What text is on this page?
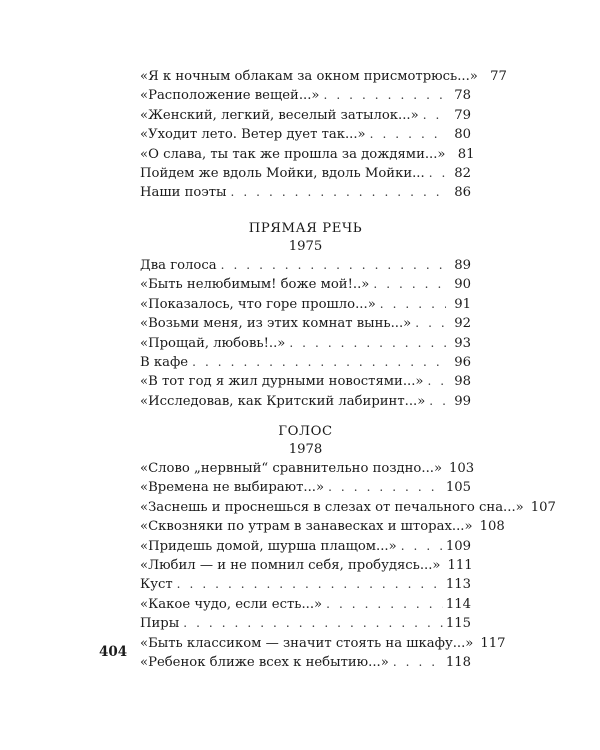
«Я к ночным облакам за окном присмотрюсь...» 77
«Расположение вещей...» . . .	78
«Женский, легкий, веселый затылок...» . . .	79
«Уходит лето. Ветер дует так...» . . .	80
«О слава, ты так же прошла за дождями...» 81
Пойдем же вдоль Мойки, вдоль Мойки... . . .	82
Наши поэты . . .	86
ПРЯМАЯ РЕЧЬ
1975
Два голоса . . .	89
«Быть нелюбимым! боже мой!..» . . .	90
«Показалось, что горе прошло...» . . .	91
«Возьми меня, из этих комнат вынь...» . . .	92
«Прощай, любовь!..» . . .	93
В кафе . . .	96
«В тот год я жил дурными новостями...» . . .	98
«Исследовав, как Критский лабиринт...» . . .	99
ГОЛОС
1978
«Слово „нервный“ сравнительно поздно...» 103
«Времена не выбирают...» . . .	105
«Заснешь и проснешься в слезах от печального сна...» 107
«Сквозняки по утрам в занавесках и шторах...» 108
«Придешь домой, шурша плащом...» . . .	109
«Любил — и не помнил себя, пробудясь...» 111
Куст . . .	113
«Какое чудо, если есть...» . . .	114
Пиры . . .	115
«Быть классиком — значит стоять на шкафу...» 117
«Ребенок ближе всех к небытию...» . . .	118
404
